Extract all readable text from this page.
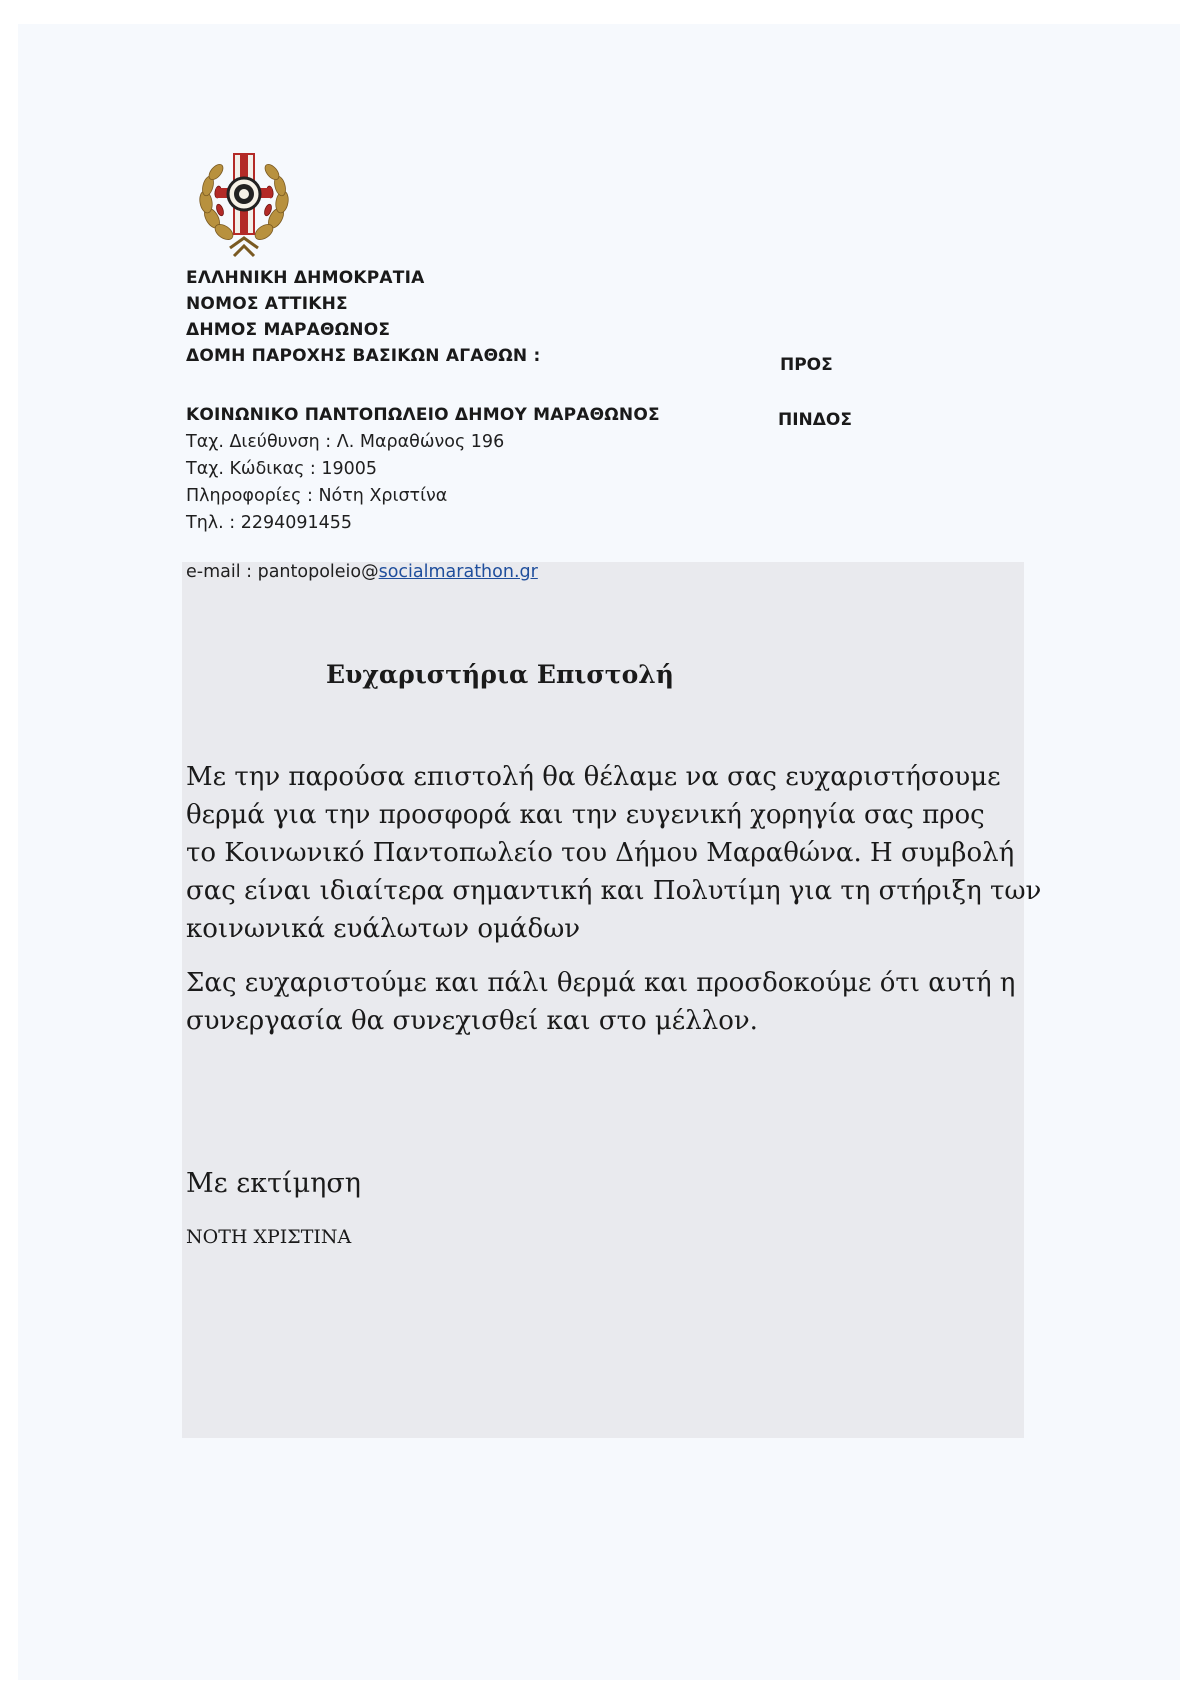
ΕΛΛΗΝΙΚΗ ΔΗΜΟΚΡΑΤΙΑ
ΝΟΜΟΣ ΑΤΤΙΚΗΣ
ΔΗΜΟΣ ΜΑΡΑΘΩΝΟΣ
ΔΟΜΗ ΠΑΡΟΧΗΣ ΒΑΣΙΚΩΝ ΑΓΑΘΩΝ :
ΚΟΙΝΩΝΙΚΟ ΠΑΝΤΟΠΩΛΕΙΟ ΔΗΜΟΥ ΜΑΡΑΘΩΝΟΣ
Ταχ. Διεύθυνση : Λ. Μαραθώνος 196
Ταχ. Κώδικας : 19005
Πληροφορίες : Νότη Χριστίνα
Τηλ. : 2294091455
e-mail : pantopoleio@socialmarathon.gr
ΠΡΟΣ
ΠΙΝΔΟΣ
Ευχαριστήρια Επιστολή
Με την παρούσα επιστολή θα θέλαμε να σας ευχαριστήσουμε
θερμά για την προσφορά και την ευγενική χορηγία σας προς
το Κοινωνικό Παντοπωλείο του Δήμου Μαραθώνα. Η συμβολή
σας είναι ιδιαίτερα σημαντική και Πολυτίμη για τη στήριξη των
κοινωνικά ευάλωτων ομάδων
Σας ευχαριστούμε και πάλι θερμά και προσδοκούμε ότι αυτή η
συνεργασία θα συνεχισθεί και στο μέλλον.
Με εκτίμηση
ΝΟΤΗ ΧΡΙΣΤΙΝΑ
